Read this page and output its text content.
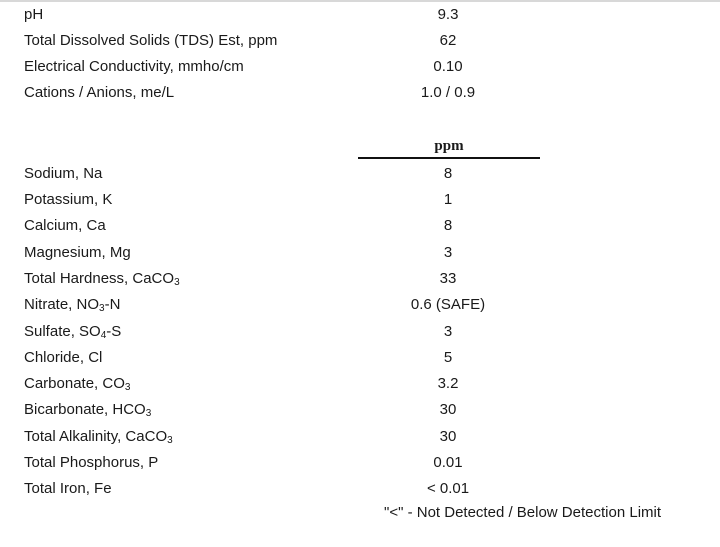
pH	9.3
Total Dissolved Solids (TDS) Est, ppm	62
Electrical Conductivity, mmho/cm	0.10
Cations / Anions, me/L	1.0 / 0.9
ppm
Sodium, Na	8
Potassium, K	1
Calcium, Ca	8
Magnesium, Mg	3
Total Hardness, CaCO$_3$	33
Nitrate, $NO_3-N$	0.6 (SAFE)
Sulfate, $SO_4-S$	3
Chloride, Cl	5
Carbonate, $CO_3$	3.2
Bicarbonate, $HCO_3$	30
Total Alkalinity, CaCO$_3$	30
Total Phosphorus, P	0.01
Total Iron, Fe	< 0.01
"<" - Not Detected / Below Detection Limit
